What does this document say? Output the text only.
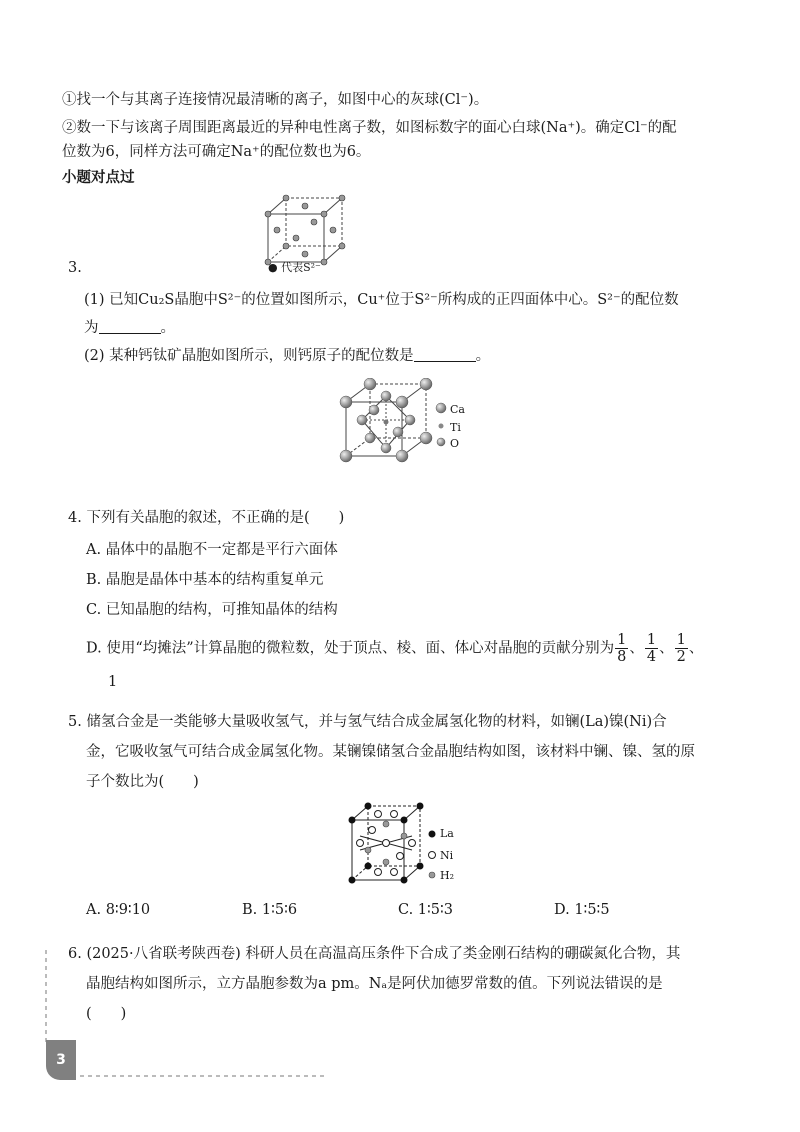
①找一个与其离子连接情况最清晰的离子，如图中心的灰球(Cl⁻)。
②数一下与该离子周围距离最近的异种电性离子数，如图标数字的面心白球(Na⁺)。确定Cl⁻的配
位数为6，同样方法可确定Na⁺的配位数也为6。
小题对点过
3.	● 代表S²⁻
(1) 已知Cu₂S晶胞中S²⁻的位置如图所示，Cu⁺位于S²⁻所构成的正四面体中心。S²⁻的配位数
为	。
(2) 某种钙钛矿晶胞如图所示，则钙原子的配位数是	。
Ca
Ti
O
4. 下列有关晶胞的叙述，不正确的是(　　)
A. 晶体中的晶胞不一定都是平行六面体
B. 晶胞是晶体中基本的结构重复单元
C. 已知晶胞的结构，可推知晶体的结构
D. 使用“均摊法”计算晶胞的微粒数，处于顶点、棱、面、体心对晶胞的贡献分别为 $\frac{1}{8}$ 、 $\frac{1}{4}$ 、 $\frac{1}{2}$ 、
1
5. 储氢合金是一类能够大量吸收氢气，并与氢气结合成金属氢化物的材料，如镧(La)镍(Ni)合
金，它吸收氢气可结合成金属氢化物。某镧镍储氢合金晶胞结构如图，该材料中镧、镍、氢的原
子个数比为(　　)
La
Ni
H₂
A. 8∶9∶10	B. 1∶5∶6	C. 1∶5∶3	D. 1∶5∶5
6. (2025·八省联考陕西卷) 科研人员在高温高压条件下合成了类金刚石结构的硼碳氮化合物，其
晶胞结构如图所示，立方晶胞参数为a pm。Nₐ是阿伏加德罗常数的值。下列说法错误的是
(　　)
3
